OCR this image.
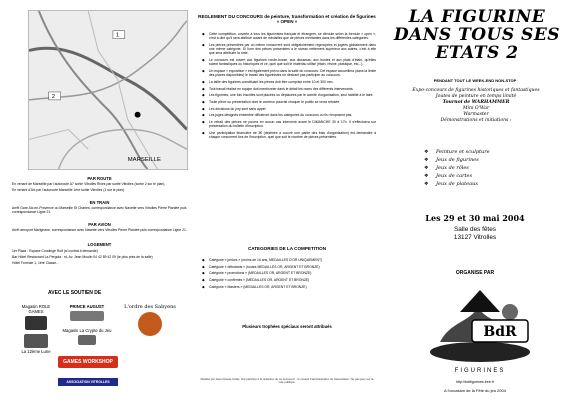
1
2
MARSEILLE
PAR ROUTE

En venant de Marseille par l'autoroute A7 sortie Vitrolles Rives par sortie Vitrolles (sortie 2 sur le plan).

En venant d'Aix par l'autoroute Marseille 1ère sortie Vitrolles (1 sur le plan).

EN TRAIN

Arrêt Gare Aix-en-Provence ou Marseille St Charles, correspondance avec Navette vers Vitrolles Pierre Plantée puis correspondance Ligne 21.

PAR AVION

Arrêt aéroport Marignane, correspondance avec Navette vers Vitrolles Pierre Plantée puis correspondance Ligne 21.

LOGEMENT

1er Plaaz : Espace Coudinge Rolf (si contrat à demande)

Bar Hôtel Restaurant La Pergola : rd, Av. Jean Moulin 04 42 89 42 09 (le plus près de la salle)

Hôtel Formule 1, 1ère Classe...

AVEC LE SOUTIEN DE
Magasin ROLE GAMES
PRINCE AUGUST	L'ordre des Sabyens
La 12ème Lune
Magasin La Crypte du Jeu
GAMES WORKSHOP
ASSOCIATION VITROLLES
REGLEMENT DU CONCOURS de peinture, transformation et création de figurines « OPEN »
◆ Cette compétition, ouverte à tous les figurinistes français et étrangers, se déroule selon la formule « open », c'est à dire qu'il sera attribué autant de médailles que de pièces méritantes dans les différentes catégories.
◆ Les pièces présentées par un même concurrent sont obligatoirement regroupées et jugées globalement dans une même catégorie. Si l'une des pièces présentées a le niveau nettement supérieur aux autres, c'est à elle que sera attribuée la note.
◆ Le concours est ouvert aux figurines ronde-bosse, aux dioramas, aux bustes et aux plats d'étain, qu'elles soient fantastiques ou historiques et ce, quel que soit le matériau utilisé (étain, résine, plastique, etc...).
◆ Un espace « exposition » est également prévu dans la salle du concours. Cet espace accueillera (dans la limite des places disponibles) le travail des figurinistes ne désirant pas participer au concours.
◆ La taille des figurines constituant les pièces doit être comprise entre 10 et 300 mm.
◆ Tout travail réalisé en équipe doit mentionner dans le détail les noms des différents intervenants.
◆ Les figurines, une fois inscrites sont placées ou déplacées par le comité d'organisation, seul habilité à le faire.
◆ Toute pièce ou présentation dont le contenu pourrait choquer le public se verra refusée.
◆ Les décisions du jury sont sans appel.
◆ Les juges désignés ensemble officieront dans les catégories du concours où ils n'exposent pas.
◆ Le retrait des pièces ne pourra en aucun cas intervenir avant le DIMANCHE 30 à 17h. Il s'effectuera sur présentation du bulletin d'inscription.
◆ Une participation financière de 3€ (destinée à couvrir une partie des frais d'organisation) est demandée à chaque concurrent lors de l'inscription, quel que soit le nombre de pièces présentées.
CATEGORIES DE LA COMPETITION
◆ Catégorie « juniors » (moins de 16 ans, MEDAILLES D'OR UNIQUEMENT)
◆ Catégorie « débutants » (toutes MEDAILLES OR, ARGENT ET BRONZE)
◆ Catégorie « promotions » (MEDAILLES OR, ARGENT ET BRONZE)
◆ Catégorie « confirmés » (MEDAILLES OR, ARGENT ET BRONZE)
◆ Catégorie « Masters » (MEDAILLES OR, ARGENT ET BRONZE)
Plusieurs trophées spéciaux seront attribués
Réalisé par Jean-Claude Colas. Ont participé à la rédaction de ce document : le conseil d'administration de l'association. Ne pas jeter sur la voie publique.
LA FIGURINE DANS TOUS SES ETATS 2
PENDANT TOUT LE WEEK-END NON-STOP
Expo-concours de figurines historiques et fantastiques
Joutes de peinture en temps limité
Tournoi de WARHAMMER
Mini O'War
Warmaster
Démonstrations et initiations :
❖ Peinture et sculpture
❖ Jeux de figurines
❖ Jeux de rôles
❖ Jeux de cartes
❖ Jeux de plateaux
Les 29 et 30 mai 2004
Salle des fêtes
13127 Vitrolles
ORGANISE PAR
BdR
FIGURINES
http://bdrfigurines.free.fr
A l'occasion de la Fête du jeu 2004
